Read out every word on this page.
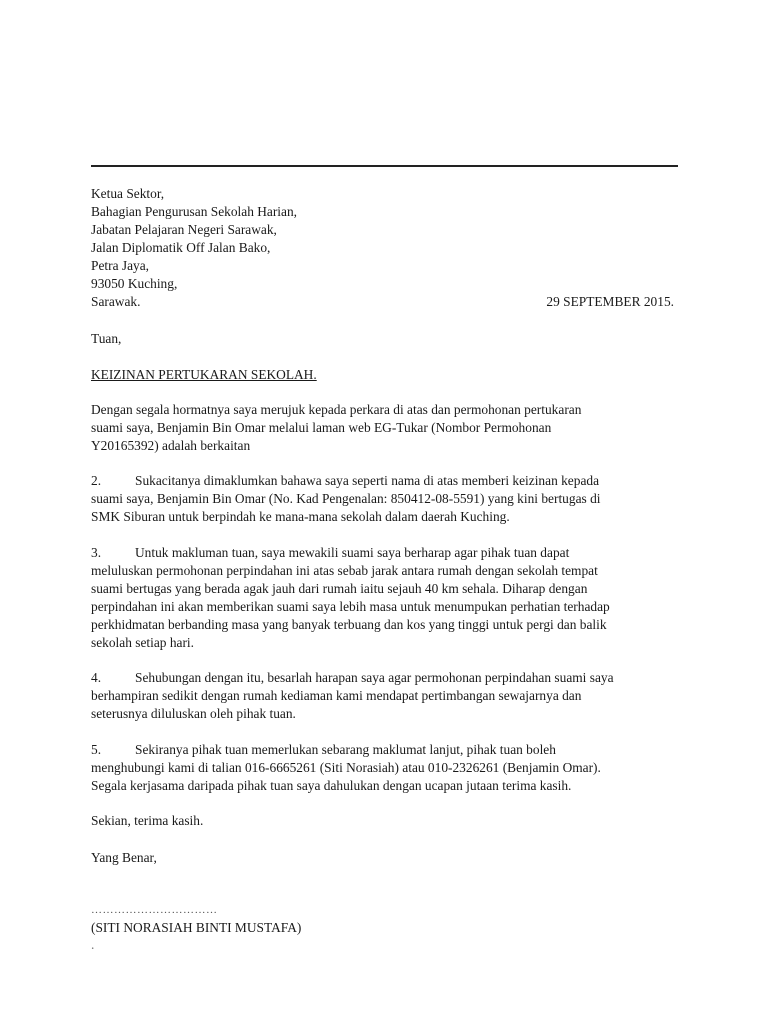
Ketua Sektor,
Bahagian Pengurusan Sekolah Harian,
Jabatan Pelajaran Negeri Sarawak,
Jalan Diplomatik Off Jalan Bako,
Petra Jaya,
93050 Kuching,
Sarawak.	29 SEPTEMBER 2015.
Tuan,
KEIZINAN PERTUKARAN SEKOLAH.
Dengan segala hormatnya saya merujuk kepada perkara di atas dan permohonan pertukaran
suami saya, Benjamin Bin Omar melalui laman web EG-Tukar (Nombor Permohonan
Y20165392) adalah berkaitan
2.	Sukacitanya dimaklumkan bahawa saya seperti nama di atas memberi keizinan kepada
suami saya, Benjamin Bin Omar (No. Kad Pengenalan: 850412-08-5591) yang kini bertugas di
SMK Siburan untuk berpindah ke mana-mana sekolah dalam daerah Kuching.
3.	Untuk makluman tuan, saya mewakili suami saya berharap agar pihak tuan dapat
meluluskan permohonan perpindahan ini atas sebab jarak antara rumah dengan sekolah tempat
suami bertugas yang berada agak jauh dari rumah iaitu sejauh 40 km sehala. Diharap dengan
perpindahan ini akan memberikan suami saya lebih masa untuk menumpukan perhatian terhadap
perkhidmatan berbanding masa yang banyak terbuang dan kos yang tinggi untuk pergi dan balik
sekolah setiap hari.
4.	Sehubungan dengan itu, besarlah harapan saya agar permohonan perpindahan suami saya
berhampiran sedikit dengan rumah kediaman kami mendapat pertimbangan sewajarnya dan
seterusnya diluluskan oleh pihak tuan.
5.	Sekiranya pihak tuan memerlukan sebarang maklumat lanjut, pihak tuan boleh
menghubungi kami di talian 016-6665261 (Siti Norasiah) atau 010-2326261 (Benjamin Omar).
Segala kerjasama daripada pihak tuan saya dahulukan dengan ucapan jutaan terima kasih.
Sekian, terima kasih.
Yang Benar,
……………………………
(SITI NORASIAH BINTI MUSTAFA)
.
